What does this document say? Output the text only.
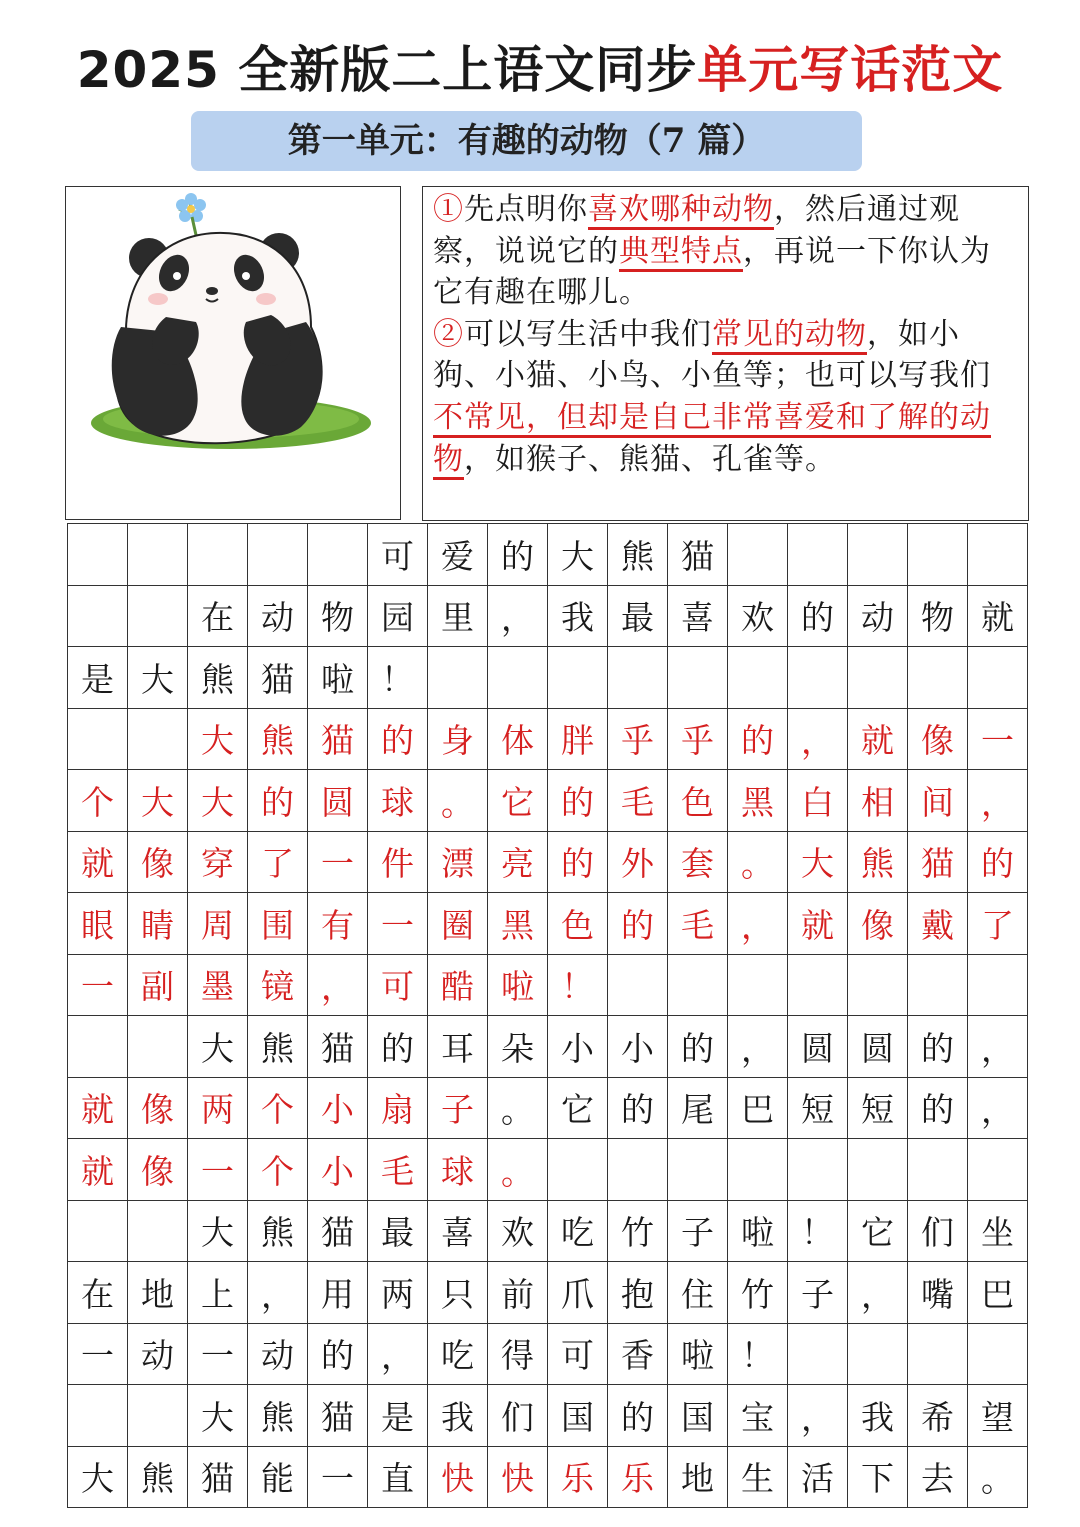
2025 全新版二上语文同步单元写话范文
第一单元：有趣的动物（7 篇）
①先点明你喜欢哪种动物，然后通过观察，说说它的典型特点，再说一下你认为它有趣在哪儿。
②可以写生活中我们常见的动物，如小狗、小猫、小鸟、小鱼等；也可以写我们不常见，但却是自己非常喜爱和了解的动物，如猴子、熊猫、孔雀等。
可 爱 的 大 熊 猫
在 动 物 园 里 ， 我 最 喜 欢 的 动 物 就
是 大 熊 猫 啦 ！
大 熊 猫 的 身 体 胖 乎 乎 的 ， 就 像 一
个 大 大 的 圆 球 。 它 的 毛 色 黑 白 相 间 ，
就 像 穿 了 一 件 漂 亮 的 外 套 。 大 熊 猫 的
眼 睛 周 围 有 一 圈 黑 色 的 毛 ， 就 像 戴 了
一 副 墨 镜 ， 可 酷 啦 ！
大 熊 猫 的 耳 朵 小 小 的 ， 圆 圆 的 ，
就 像 两 个 小 扇 子 。 它 的 尾 巴 短 短 的 ，
就 像 一 个 小 毛 球 。
大 熊 猫 最 喜 欢 吃 竹 子 啦 ！ 它 们 坐
在 地 上 ， 用 两 只 前 爪 抱 住 竹 子 ， 嘴 巴
一 动 一 动 的 ， 吃 得 可 香 啦 ！
大 熊 猫 是 我 们 国 的 国 宝 ， 我 希 望
大 熊 猫 能 一 直 快 快 乐 乐 地 生 活 下 去 。
